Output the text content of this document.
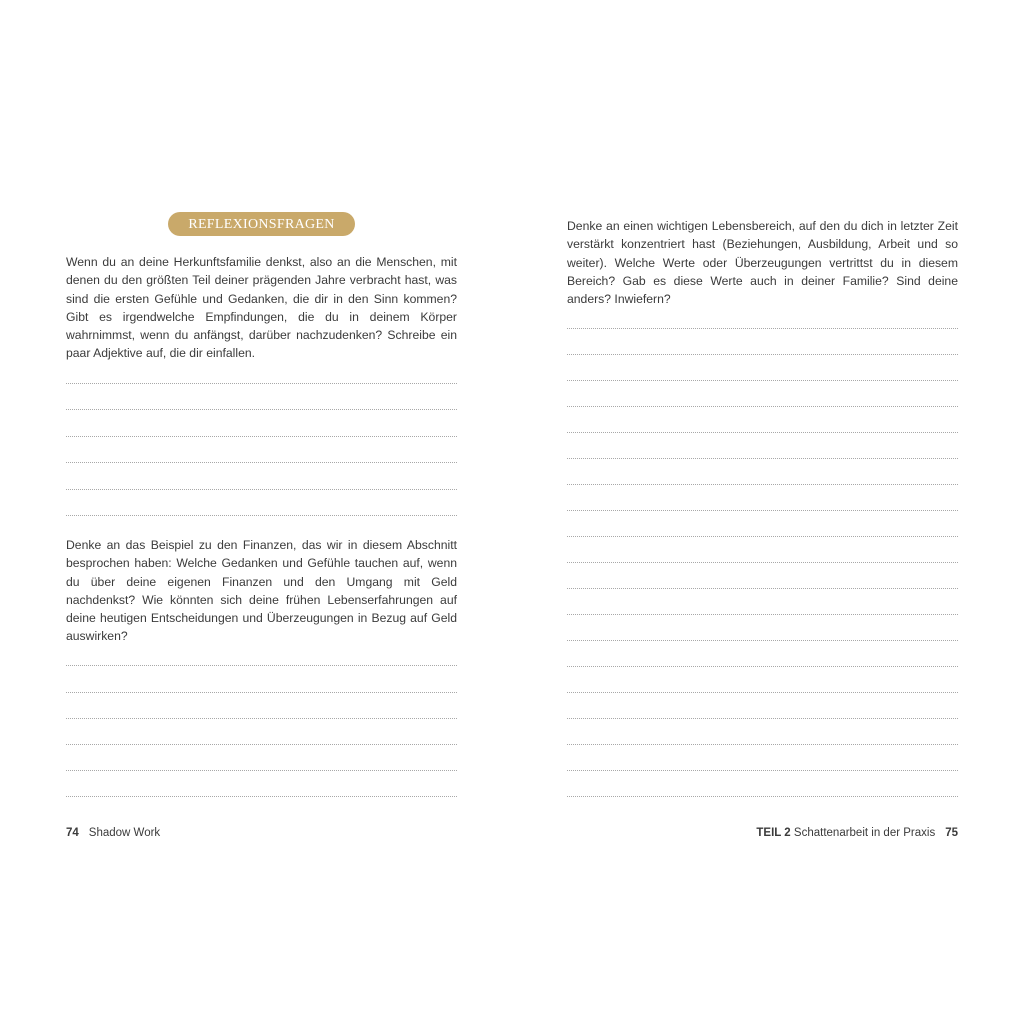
REFLEXIONSFRAGEN

Wenn du an deine Herkunftsfamilie denkst, also an die Menschen, mit denen du den größten Teil deiner prägenden Jahre verbracht hast, was sind die ersten Gefühle und Gedanken, die dir in den Sinn kommen? Gibt es irgendwelche Empfindungen, die du in deinem Körper wahrnimmst, wenn du anfängst, darüber nachzudenken? Schreibe ein paar Adjektive auf, die dir einfallen.

Denke an das Beispiel zu den Finanzen, das wir in diesem Abschnitt besprochen haben: Welche Gedanken und Gefühle tauchen auf, wenn du über deine eigenen Finanzen und den Umgang mit Geld nachdenkst? Wie könnten sich deine frühen Lebenserfahrungen auf deine heutigen Entscheidungen und Überzeugungen in Bezug auf Geld auswirken?

74 Shadow Work

Denke an einen wichtigen Lebensbereich, auf den du dich in letzter Zeit verstärkt konzentriert hast (Beziehungen, Ausbildung, Arbeit und so weiter). Welche Werte oder Überzeugungen vertrittst du in diesem Bereich? Gab es diese Werte auch in deiner Familie? Sind deine anders? Inwiefern?

TEIL 2 Schattenarbeit in der Praxis 75
